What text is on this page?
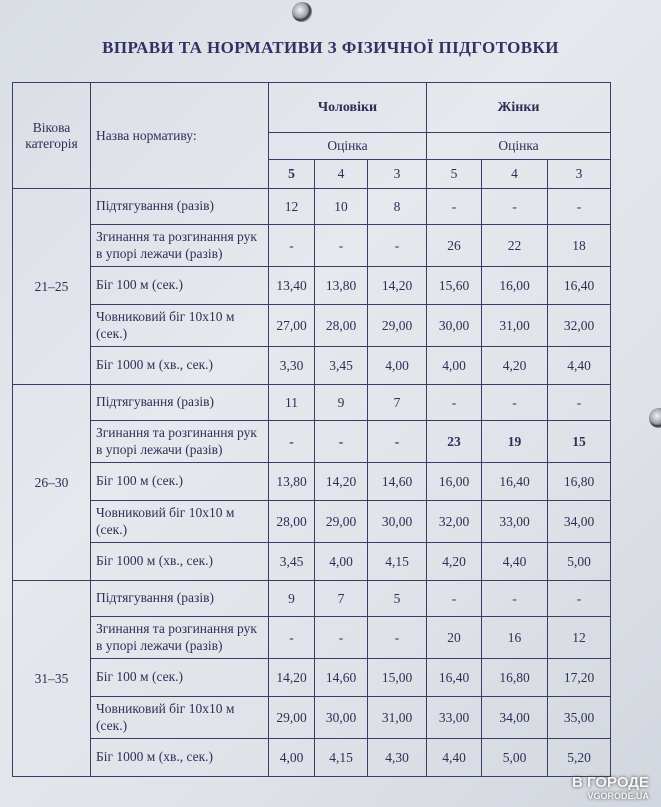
ВПРАВИ ТА НОРМАТИВИ З ФІЗИЧНОЇ ПІДГОТОВКИ
Вікова категорія	Назва нормативу:	Чоловіки			Жінки		
		Оцінка			Оцінка		
		5	4	3	5	4	3
21–25	Підтягування (разів)	12	10	8	-	-	-
	Згинання та розгинання рук в упорі лежачи (разів)	-	-	-	26	22	18
	Біг 100 м (сек.)	13,40	13,80	14,20	15,60	16,00	16,40
	Човниковий біг 10х10 м (сек.)	27,00	28,00	29,00	30,00	31,00	32,00
	Біг 1000 м (хв., сек.)	3,30	3,45	4,00	4,00	4,20	4,40
26–30	Підтягування (разів)	11	9	7	-	-	-
	Згинання та розгинання рук в упорі лежачи (разів)	-	-	-	23	19	15
	Біг 100 м (сек.)	13,80	14,20	14,60	16,00	16,40	16,80
	Човниковий біг 10х10 м (сек.)	28,00	29,00	30,00	32,00	33,00	34,00
	Біг 1000 м (хв., сек.)	3,45	4,00	4,15	4,20	4,40	5,00
31–35	Підтягування (разів)	9	7	5	-	-	-
	Згинання та розгинання рук в упорі лежачи (разів)	-	-	-	20	16	12
	Біг 100 м (сек.)	14,20	14,60	15,00	16,40	16,80	17,20
	Човниковий біг 10х10 м (сек.)	29,00	30,00	31,00	33,00	34,00	35,00
	Біг 1000 м (хв., сек.)	4,00	4,15	4,30	4,40	5,00	5,20
В ГОРОДЕ
VGORODE.UA
